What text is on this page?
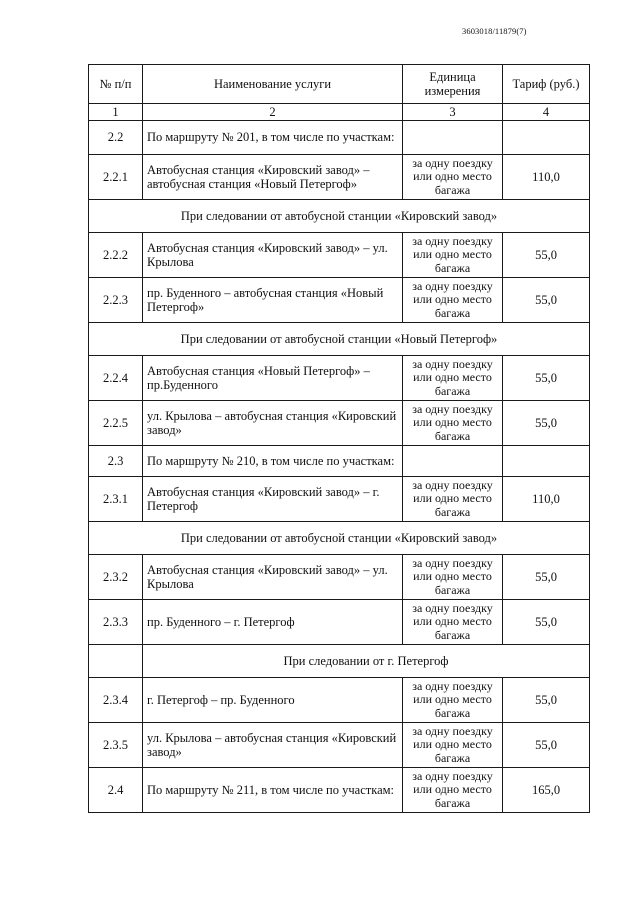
3603018/11879(7)
№ п/п	Наименование услуги	Единица измерения	Тариф (руб.)
1	2	3	4
2.2	По маршруту № 201, в том числе по участкам:		
2.2.1	Автобусная станция «Кировский завод» – автобусная станция «Новый Петергоф»	за одну поездку или одно место багажа	110,0
При следовании от автобусной станции «Кировский завод»			
2.2.2	Автобусная станция «Кировский завод» – ул. Крылова	за одну поездку или одно место багажа	55,0
2.2.3	пр. Буденного – автобусная станция «Новый Петергоф»	за одну поездку или одно место багажа	55,0
При следовании от автобусной станции «Новый Петергоф»			
2.2.4	Автобусная станция «Новый Петергоф» – пр.Буденного	за одну поездку или одно место багажа	55,0
2.2.5	ул. Крылова – автобусная станция «Кировский завод»	за одну поездку или одно место багажа	55,0
2.3	По маршруту № 210, в том числе по участкам:		
2.3.1	Автобусная станция «Кировский завод» – г. Петергоф	за одну поездку или одно место багажа	110,0
При следовании от автобусной станции «Кировский завод»			
2.3.2	Автобусная станция «Кировский завод» – ул. Крылова	за одну поездку или одно место багажа	55,0
2.3.3	пр. Буденного – г. Петергоф	за одну поездку или одно место багажа	55,0
	При следовании от г. Петергоф		
2.3.4	г. Петергоф – пр. Буденного	за одну поездку или одно место багажа	55,0
2.3.5	ул. Крылова – автобусная станция «Кировский завод»	за одну поездку или одно место багажа	55,0
2.4	По маршруту № 211, в том числе по участкам:	за одну поездку или одно место багажа	165,0
